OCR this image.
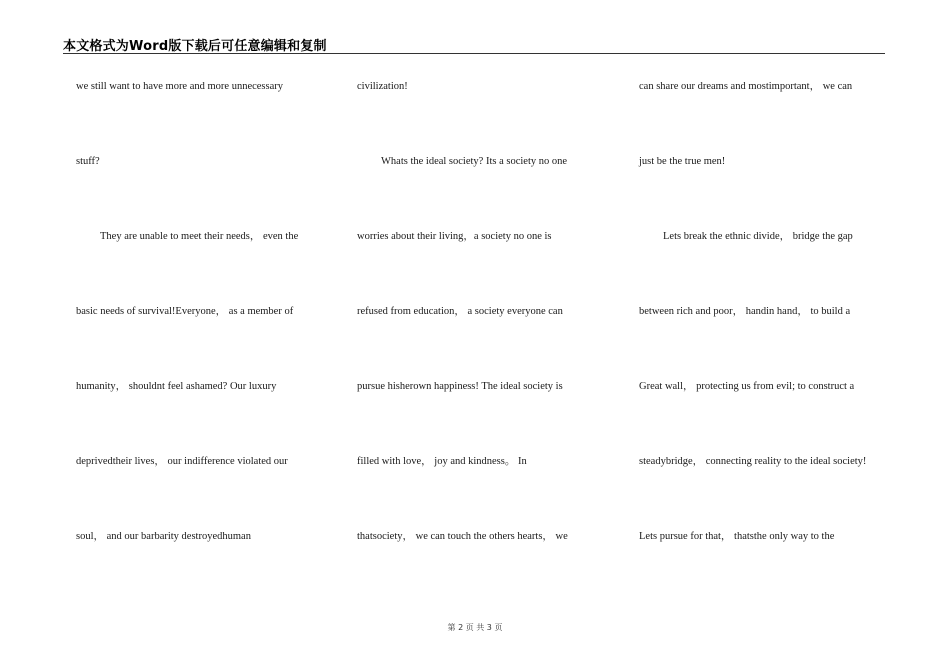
本文格式为Word版下载后可任意编辑和复制
we still want to have more and more unnecessary
stuff?
They are unable to meet their needs， even the
basic needs of survival!Everyone， as a member of
humanity， shouldnt feel ashamed? Our luxury
deprivedtheir lives， our indifference violated our
soul， and our barbarity destroyedhuman
civilization!
Whats the ideal society? Its a society no one
worries about their living，a society no one is
refused from education， a society everyone can
pursue hisherown happiness! The ideal society is
filled with love， joy and kindness。 In
thatsociety， we can touch the others hearts， we
can share our dreams and mostimportant， we can
just be the true men!
Lets break the ethnic divide， bridge the gap
between rich and poor， handin hand， to build a
Great wall， protecting us from evil; to construct a
steadybridge， connecting reality to the ideal society!
Lets pursue for that， thatsthe only way to the
第 2 页 共 3 页
